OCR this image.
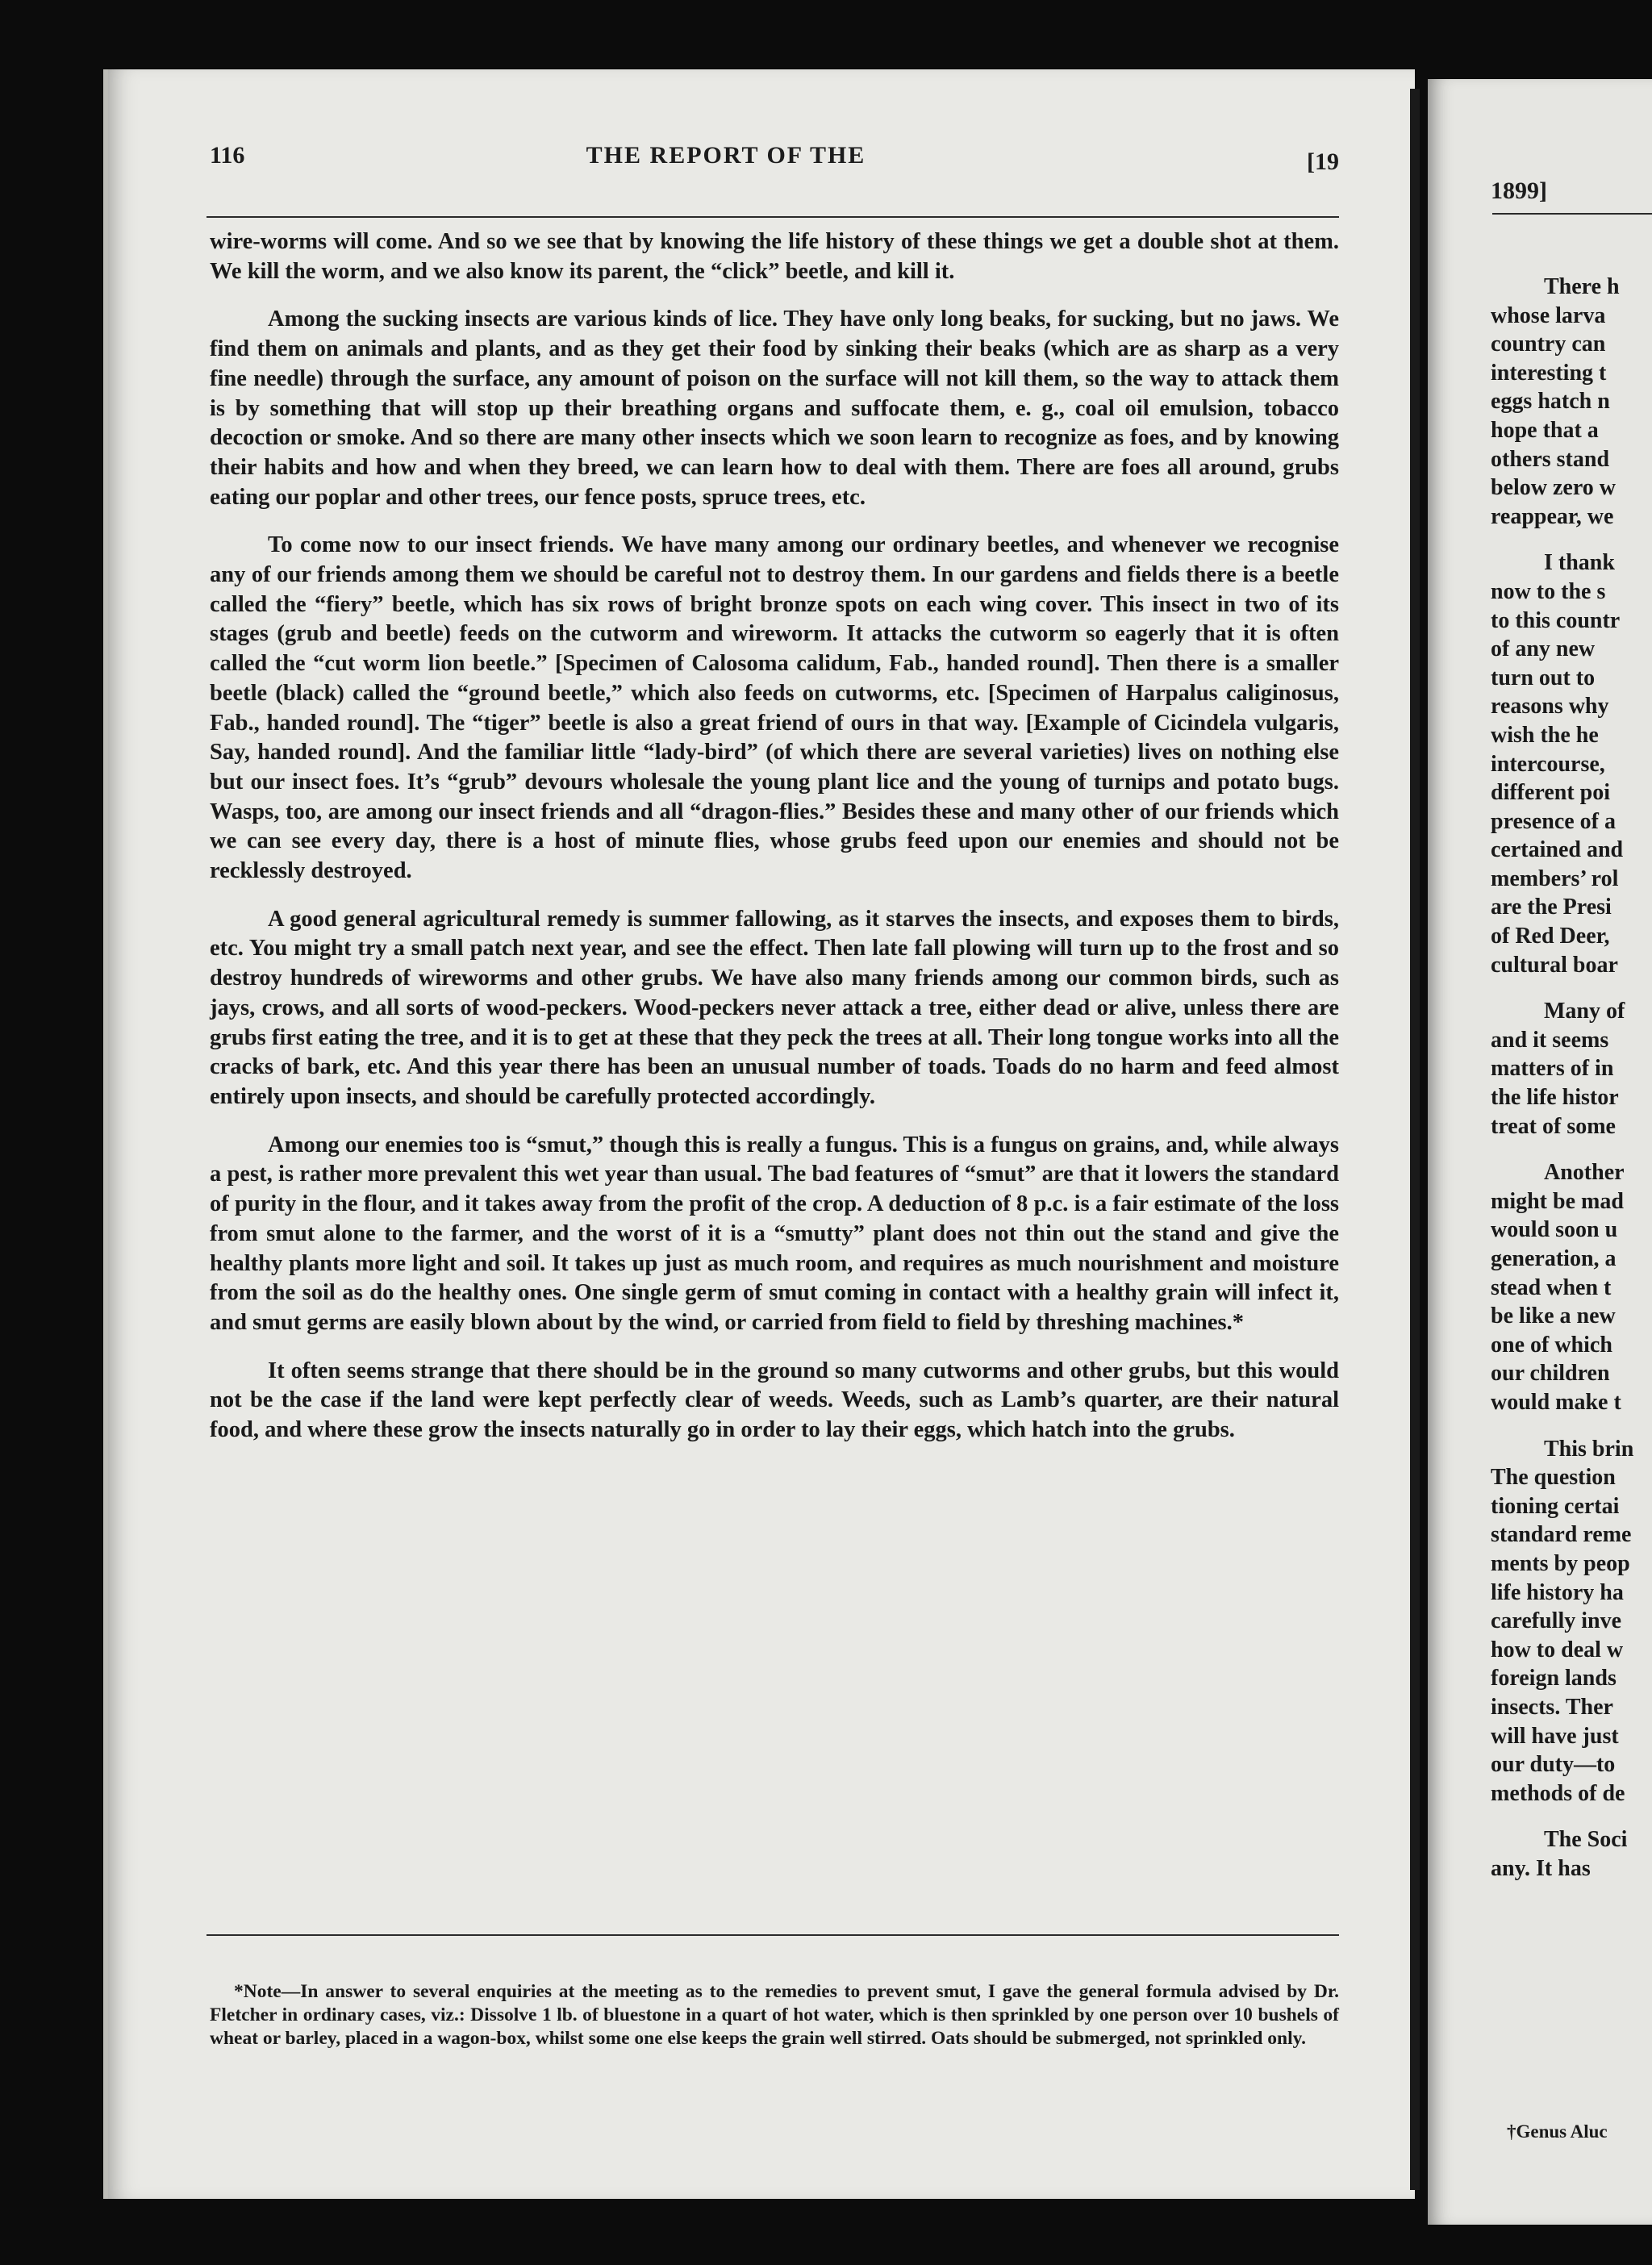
116	THE REPORT OF THE	[19

wire-worms will come. And so we see that by knowing the life history of these things we get a double shot at them. We kill the worm, and we also know its parent, the “click” beetle, and kill it.

Among the sucking insects are various kinds of lice. They have only long beaks, for sucking, but no jaws. We find them on animals and plants, and as they get their food by sinking their beaks (which are as sharp as a very fine needle) through the surface, any amount of poison on the surface will not kill them, so the way to attack them is by something that will stop up their breathing organs and suffocate them, e. g., coal oil emulsion, tobacco decoction or smoke. And so there are many other insects which we soon learn to recognize as foes, and by knowing their habits and how and when they breed, we can learn how to deal with them. There are foes all around, grubs eating our poplar and other trees, our fence posts, spruce trees, etc.

To come now to our insect friends. We have many among our ordinary beetles, and whenever we recognise any of our friends among them we should be careful not to destroy them. In our gardens and fields there is a beetle called the “fiery” beetle, which has six rows of bright bronze spots on each wing cover. This insect in two of its stages (grub and beetle) feeds on the cutworm and wireworm. It attacks the cutworm so eagerly that it is often called the “cut worm lion beetle.” [Specimen of Calosoma calidum, Fab., handed round]. Then there is a smaller beetle (black) called the “ground beetle,” which also feeds on cutworms, etc. [Specimen of Harpalus caliginosus, Fab., handed round]. The “tiger” beetle is also a great friend of ours in that way. [Example of Cicindela vulgaris, Say, handed round]. And the familiar little “lady-bird” (of which there are several varieties) lives on nothing else but our insect foes. It’s “grub” devours wholesale the young plant lice and the young of turnips and potato bugs. Wasps, too, are among our insect friends and all “dragon-flies.” Besides these and many other of our friends which we can see every day, there is a host of minute flies, whose grubs feed upon our enemies and should not be recklessly destroyed.

A good general agricultural remedy is summer fallowing, as it starves the insects, and exposes them to birds, etc. You might try a small patch next year, and see the effect. Then late fall plowing will turn up to the frost and so destroy hundreds of wireworms and other grubs. We have also many friends among our common birds, such as jays, crows, and all sorts of wood-peckers. Wood-peckers never attack a tree, either dead or alive, unless there are grubs first eating the tree, and it is to get at these that they peck the trees at all. Their long tongue works into all the cracks of bark, etc. And this year there has been an unusual number of toads. Toads do no harm and feed almost entirely upon insects, and should be carefully protected accordingly.

Among our enemies too is “smut,” though this is really a fungus. This is a fungus on grains, and, while always a pest, is rather more prevalent this wet year than usual. The bad features of “smut” are that it lowers the standard of purity in the flour, and it takes away from the profit of the crop. A deduction of 8 p.c. is a fair estimate of the loss from smut alone to the farmer, and the worst of it is a “smutty” plant does not thin out the stand and give the healthy plants more light and soil. It takes up just as much room, and requires as much nourishment and moisture from the soil as do the healthy ones. One single germ of smut coming in contact with a healthy grain will infect it, and smut germs are easily blown about by the wind, or carried from field to field by threshing machines.*

It often seems strange that there should be in the ground so many cutworms and other grubs, but this would not be the case if the land were kept perfectly clear of weeds. Weeds, such as Lamb’s quarter, are their natural food, and where these grow the insects naturally go in order to lay their eggs, which hatch into the grubs.

*Note—In answer to several enquiries at the meeting as to the remedies to prevent smut, I gave the general formula advised by Dr. Fletcher in ordinary cases, viz.: Dissolve 1 lb. of bluestone in a quart of hot water, which is then sprinkled by one person over 10 bushels of wheat or barley, placed in a wagon-box, whilst some one else keeps the grain well stirred. Oats should be submerged, not sprinkled only.
1899]
There h
whose larva
country can
interesting t
eggs hatch n
hope that a
others stand
below zero w
reappear, we
I thank
now to the s
to this countr
of any new
turn out to
reasons why
wish the he
intercourse,
different poi
presence of a
certained and
members’ rol
are the Presi
of Red Deer,
cultural boar
Many of
and it seems
matters of in
the life histor
treat of some
Another
might be mad
would soon u
generation, a
stead when t
be like a new
one of which
our children
would make t
This brin
The question
tioning certai
standard reme
ments by peop
life history ha
carefully inve
how to deal w
foreign lands
insects. Ther
will have just
our duty—to
methods of de
The Soci
any. It has
†Genus Aluc
